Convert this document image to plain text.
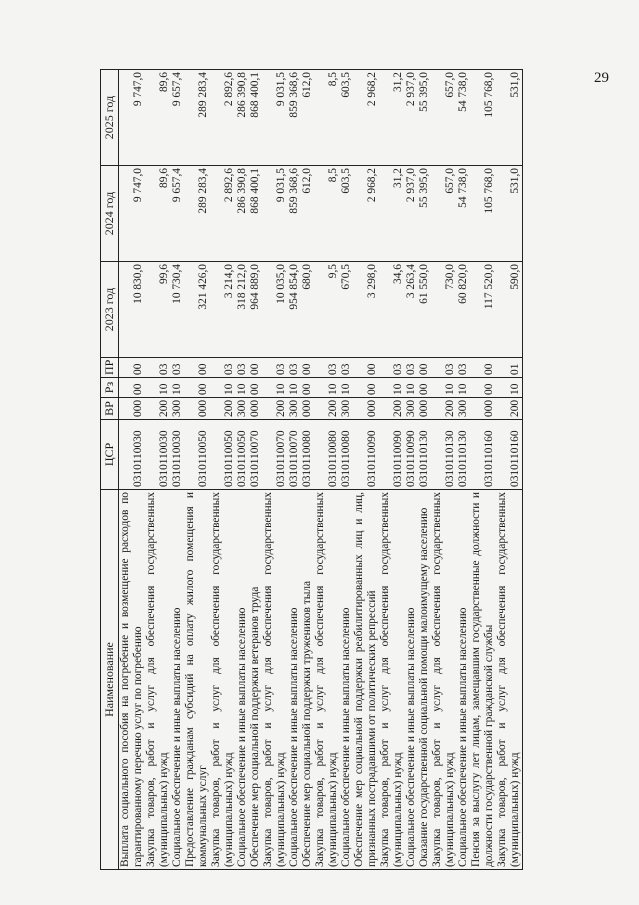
29
Наименование	ЦСР	ВР	Рз	ПР	2023 год	2024 год	2025 год
Выплата социального пособия на погребение и возмещение расходов по гарантированному перечню услуг по погребению	0310110030	000	00	00	10 830,0	9 747,0	9 747,0
Закупка товаров, работ и услуг для обеспечения государственных (муниципальных) нужд	0310110030	200	10	03	99,6	89,6	89,6
Социальное обеспечение и иные выплаты населению	0310110030	300	10	03	10 730,4	9 657,4	9 657,4
Предоставление гражданам субсидий на оплату жилого помещения и коммунальных услуг	0310110050	000	00	00	321 426,0	289 283,4	289 283,4
Закупка товаров, работ и услуг для обеспечения государственных (муниципальных) нужд	0310110050	200	10	03	3 214,0	2 892,6	2 892,6
Социальное обеспечение и иные выплаты населению	0310110050	300	10	03	318 212,0	286 390,8	286 390,8
Обеспечение мер социальной поддержки ветеранов труда	0310110070	000	00	00	964 889,0	868 400,1	868 400,1
Закупка товаров, работ и услуг для обеспечения государственных (муниципальных) нужд	0310110070	200	10	03	10 035,0	9 031,5	9 031,5
Социальное обеспечение и иные выплаты населению	0310110070	300	10	03	954 854,0	859 368,6	859 368,6
Обеспечение мер социальной поддержки тружеников тыла	0310110080	000	00	00	680,0	612,0	612,0
Закупка товаров, работ и услуг для обеспечения государственных (муниципальных) нужд	0310110080	200	10	03	9,5	8,5	8,5
Социальное обеспечение и иные выплаты населению	0310110080	300	10	03	670,5	603,5	603,5
Обеспечение мер социальной поддержки реабилитированных лиц и лиц, признанных пострадавшими от политических репрессий	0310110090	000	00	00	3 298,0	2 968,2	2 968,2
Закупка товаров, работ и услуг для обеспечения государственных (муниципальных) нужд	0310110090	200	10	03	34,6	31,2	31,2
Социальное обеспечение и иные выплаты населению	0310110090	300	10	03	3 263,4	2 937,0	2 937,0
Оказание государственной социальной помощи малоимущему населению	0310110130	000	00	00	61 550,0	55 395,0	55 395,0
Закупка товаров, работ и услуг для обеспечения государственных (муниципальных) нужд	0310110130	200	10	03	730,0	657,0	657,0
Социальное обеспечение и иные выплаты населению	0310110130	300	10	03	60 820,0	54 738,0	54 738,0
Пенсия за выслугу лет лицам, замещавшим государственные должности и должности государственной гражданской службы	0310110160	000	00	00	117 520,0	105 768,0	105 768,0
Закупка товаров, работ и услуг для обеспечения государственных (муниципальных) нужд	0310110160	200	10	01	590,0	531,0	531,0
